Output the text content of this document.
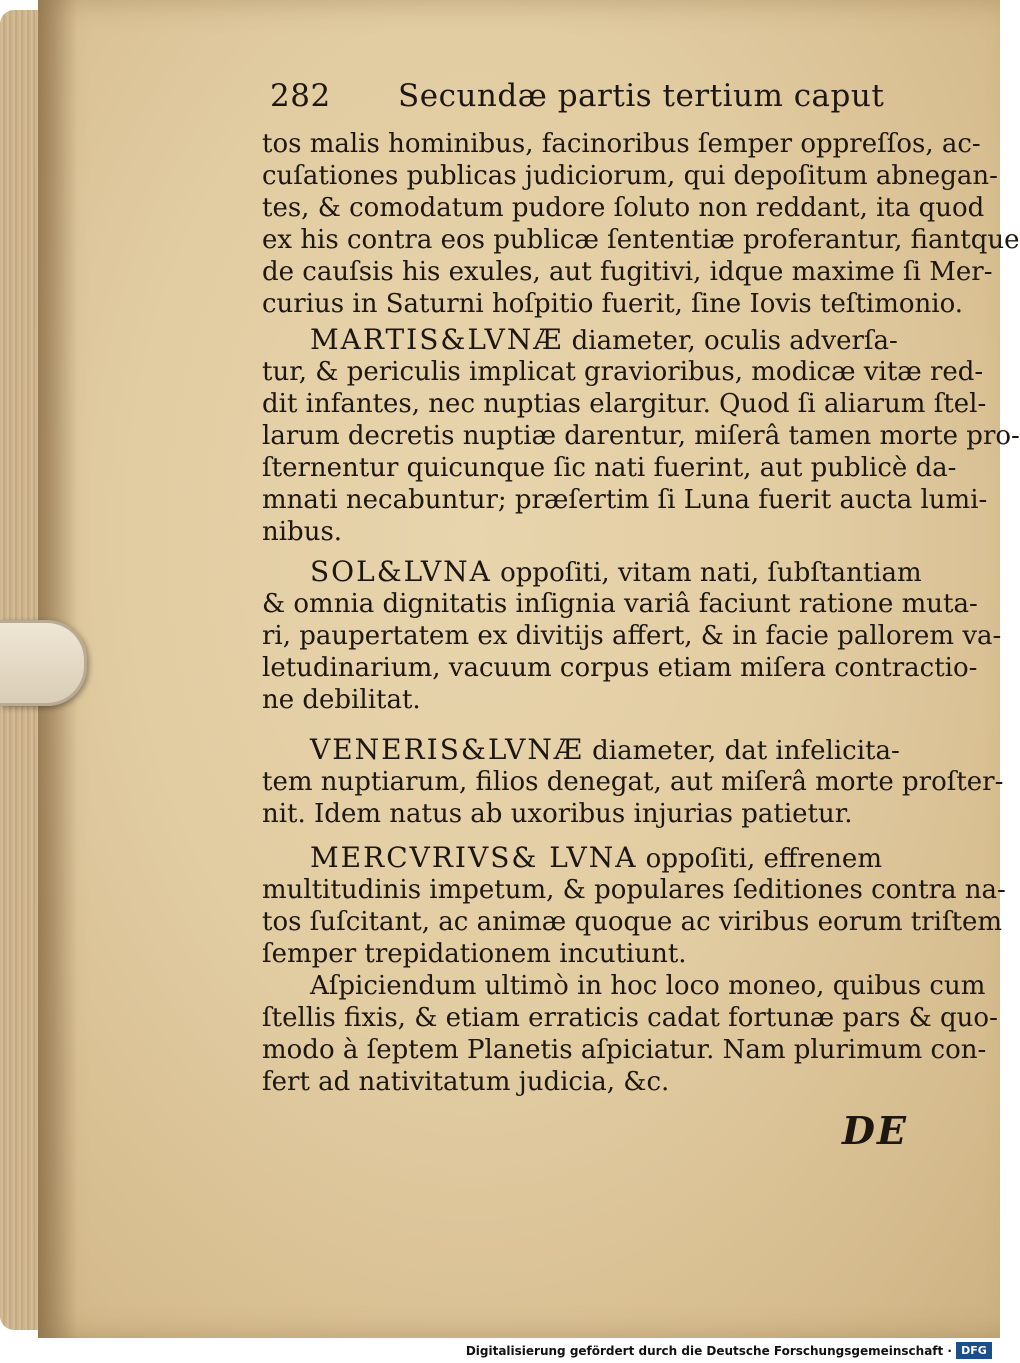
282 Secundæ partis tertium caput
tos malis hominibus, facinoribus ſemper oppreſſos, ac-
cuſationes publicas judiciorum, qui depoſitum abnegan-
tes, & comodatum pudore ſoluto non reddant, ita quod
ex his contra eos publicæ ſententiæ proferantur, fiantque
de cauſsis his exules, aut fugitivi, idque maxime ſi Mer-
curius in Saturni hoſpitio fuerit, ſine Iovis teſtimonio.
MARTIS&LVNÆ diameter, oculis adverſa-
tur, & periculis implicat gravioribus, modicæ vitæ red-
dit infantes, nec nuptias elargitur. Quod ſi aliarum ſtel-
larum decretis nuptiæ darentur, miſerâ tamen morte pro-
ſternentur quicunque ſic nati fuerint, aut publicè da-
mnati necabuntur; præſertim ſi Luna fuerit aucta lumi-
nibus.
SOL&LVNA oppoſiti, vitam nati, ſubſtantiam
& omnia dignitatis inſignia variâ faciunt ratione muta-
ri, paupertatem ex divitijs affert, & in facie pallorem va-
letudinarium, vacuum corpus etiam miſera contractio-
ne debilitat.
VENERIS&LVNÆ diameter, dat infelicita-
tem nuptiarum, filios denegat, aut miſerâ morte proſter-
nit. Idem natus ab uxoribus injurias patietur.
MERCVRIVS& LVNA oppoſiti, effrenem
multitudinis impetum, & populares ſeditiones contra na-
tos ſuſcitant, ac animæ quoque ac viribus eorum triſtem
ſemper trepidationem incutiunt.
Aſpiciendum ultimò in hoc loco moneo, quibus cum
ſtellis fixis, & etiam erraticis cadat fortunæ pars & quo-
modo à ſeptem Planetis aſpiciatur. Nam plurimum con-
fert ad nativitatum judicia, &c.
DE
Digitalisierung gefördert durch die Deutsche Forschungsgemeinschaft · DFG
